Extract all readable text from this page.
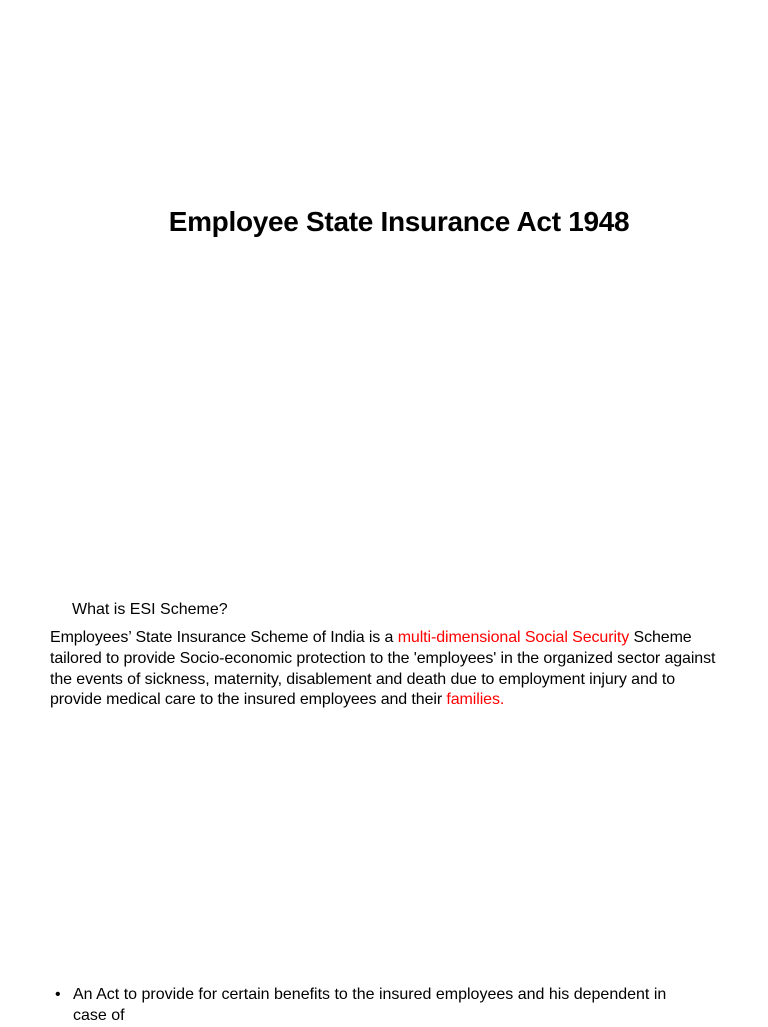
Employee State Insurance Act 1948
What is ESI Scheme?
Employees’ State Insurance Scheme of India is a multi-dimensional Social Security Scheme tailored to provide Socio-economic protection to the 'employees' in the organized sector against the events of sickness, maternity, disablement and death due to employment injury and to provide medical care to the insured employees and their families.
• An Act to provide for certain benefits to the insured employees and his dependent in case of
